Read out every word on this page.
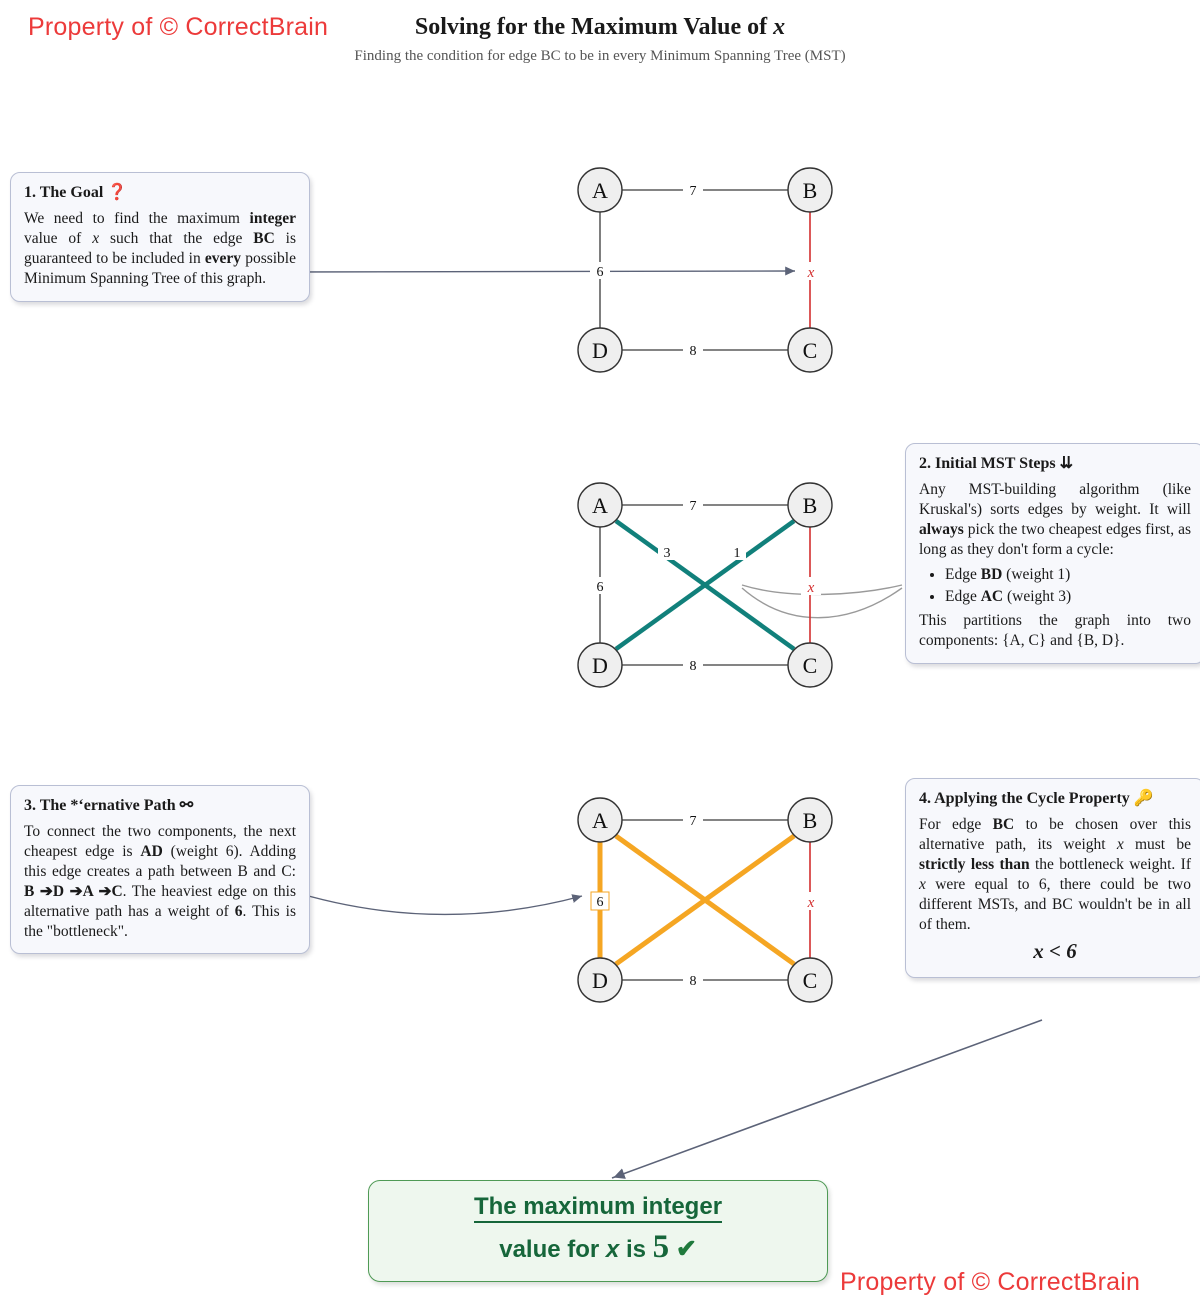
Property of © CorrectBrain
Property of © CorrectBrain
Solving for the Maximum Value of x
Finding the condition for edge BC to be in every Minimum Spanning Tree (MST)
7
6
8
x
A	B
D	C
7
6
8
x
3	1
A	B
D	C
7
6
8
x
A	B
D	C
1. The Goal ❓
We need to find the maximum integer value of x such that the edge BC is guaranteed to be included in every possible Minimum Spanning Tree of this graph.
2. Initial MST Steps ⇊
Any MST-building algorithm (like Kruskal's) sorts edges by weight. It will always pick the two cheapest edges first, as long as they don't form a cycle:
• Edge BD (weight 1)
• Edge AC (weight 3)
This partitions the graph into two components: {A, C} and {B, D}.
3. The *‘ernative Path ⚯
To connect the two components, the next cheapest edge is AD (weight 6). Adding this edge creates a path between B and C: B ➔D ➔A ➔C. The heaviest edge on this alternative path has a weight of 6. This is the "bottleneck".
4. Applying the Cycle Property 🔑
For edge BC to be chosen over this alternative path, its weight x must be strictly less than the bottleneck weight. If x were equal to 6, there could be two different MSTs, and BC wouldn't be in all of them.
x < 6
The maximum integer
value for x is 5 ✔
